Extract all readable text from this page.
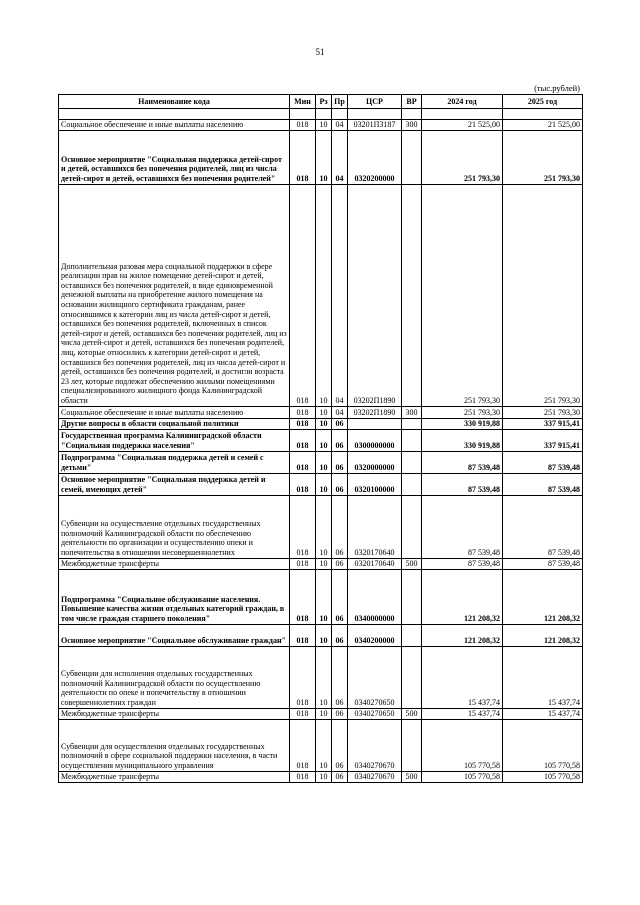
51
(тыс.рублей)
Наименование кода	Мин	Рз	Пр	ЦСР	ВР	2024 год	2025 год

Социальное обеспечение и иные выплаты населению	018	10	04	03201П3187	300	21 525,00	21 525,00
Основное мероприятие "Социальная поддержка детей-сирот и детей, оставшихся без попечения родителей, лиц из числа детей-сирот и детей, оставшихся без попечения родителей"	018	10	04	0320200000		251 793,30	251 793,30
Дополнительная разовая мера социальной поддержки в сфере реализации прав на жилое помещение детей-сирот и детей, оставшихся без попечения родителей, в виде единовременной денежной выплаты на приобретение жилого помещения на основании жилищного сертификата гражданам, ранее относившимся к категории лиц из числа детей-сирот и детей, оставшихся без попечения родителей, включенных в список детей-сирот и детей, оставшихся без попечения родителей, лиц из числа детей-сирот и детей, оставшихся без попечения родителей, лиц, которые относились к категории детей-сирот и детей, оставшихся без попечения родителей, лиц из числа детей-сирот и детей, оставшихся без попечения родителей, и достигли возраста 23 лет, которые подлежат обеспечению жилыми помещениями специализированного жилищного фонда Калининградской области	018	10	04	03202П1890		251 793,30	251 793,30
Социальное обеспечение и иные выплаты населению	018	10	04	03202П1890	300	251 793,30	251 793,30
Другие вопросы в области социальной политики	018	10	06			330 919,88	337 915,41
Государственная программа Калининградской области "Социальная поддержка населения"	018	10	06	0300000000		330 919,88	337 915,41
Подпрограмма "Социальная поддержка детей и семей с детьми"	018	10	06	0320000000		87 539,48	87 539,48
Основное мероприятие "Социальная поддержка детей и семей, имеющих детей"	018	10	06	0320100000		87 539,48	87 539,48
Субвенции на осуществление отдельных государственных полномочий Калининградской области по обеспечению деятельности по организации и осуществлению опеки и попечительства в отношении несовершеннолетних	018	10	06	0320170640		87 539,48	87 539,48
Межбюджетные трансферты	018	10	06	0320170640	500	87 539,48	87 539,48
Подпрограмма "Социальное обслуживание населения. Повышение качества жизни отдельных категорий граждан, в том числе граждан старшего поколения"	018	10	06	0340000000		121 208,32	121 208,32
Основное мероприятие "Социальное обслуживание граждан"	018	10	06	0340200000		121 208,32	121 208,32
Субвенции для исполнения отдельных государственных полномочий Калининградской области по осуществлению деятельности по опеке и попечительству в отношении совершеннолетних граждан	018	10	06	0340270650		15 437,74	15 437,74
Межбюджетные трансферты	018	10	06	0340270650	500	15 437,74	15 437,74
Субвенции для осуществления отдельных государственных полномочий в сфере социальной поддержки населения, в части осуществления муниципального управления	018	10	06	0340270670		105 770,58	105 770,58
Межбюджетные трансферты	018	10	06	0340270670	500	105 770,58	105 770,58
